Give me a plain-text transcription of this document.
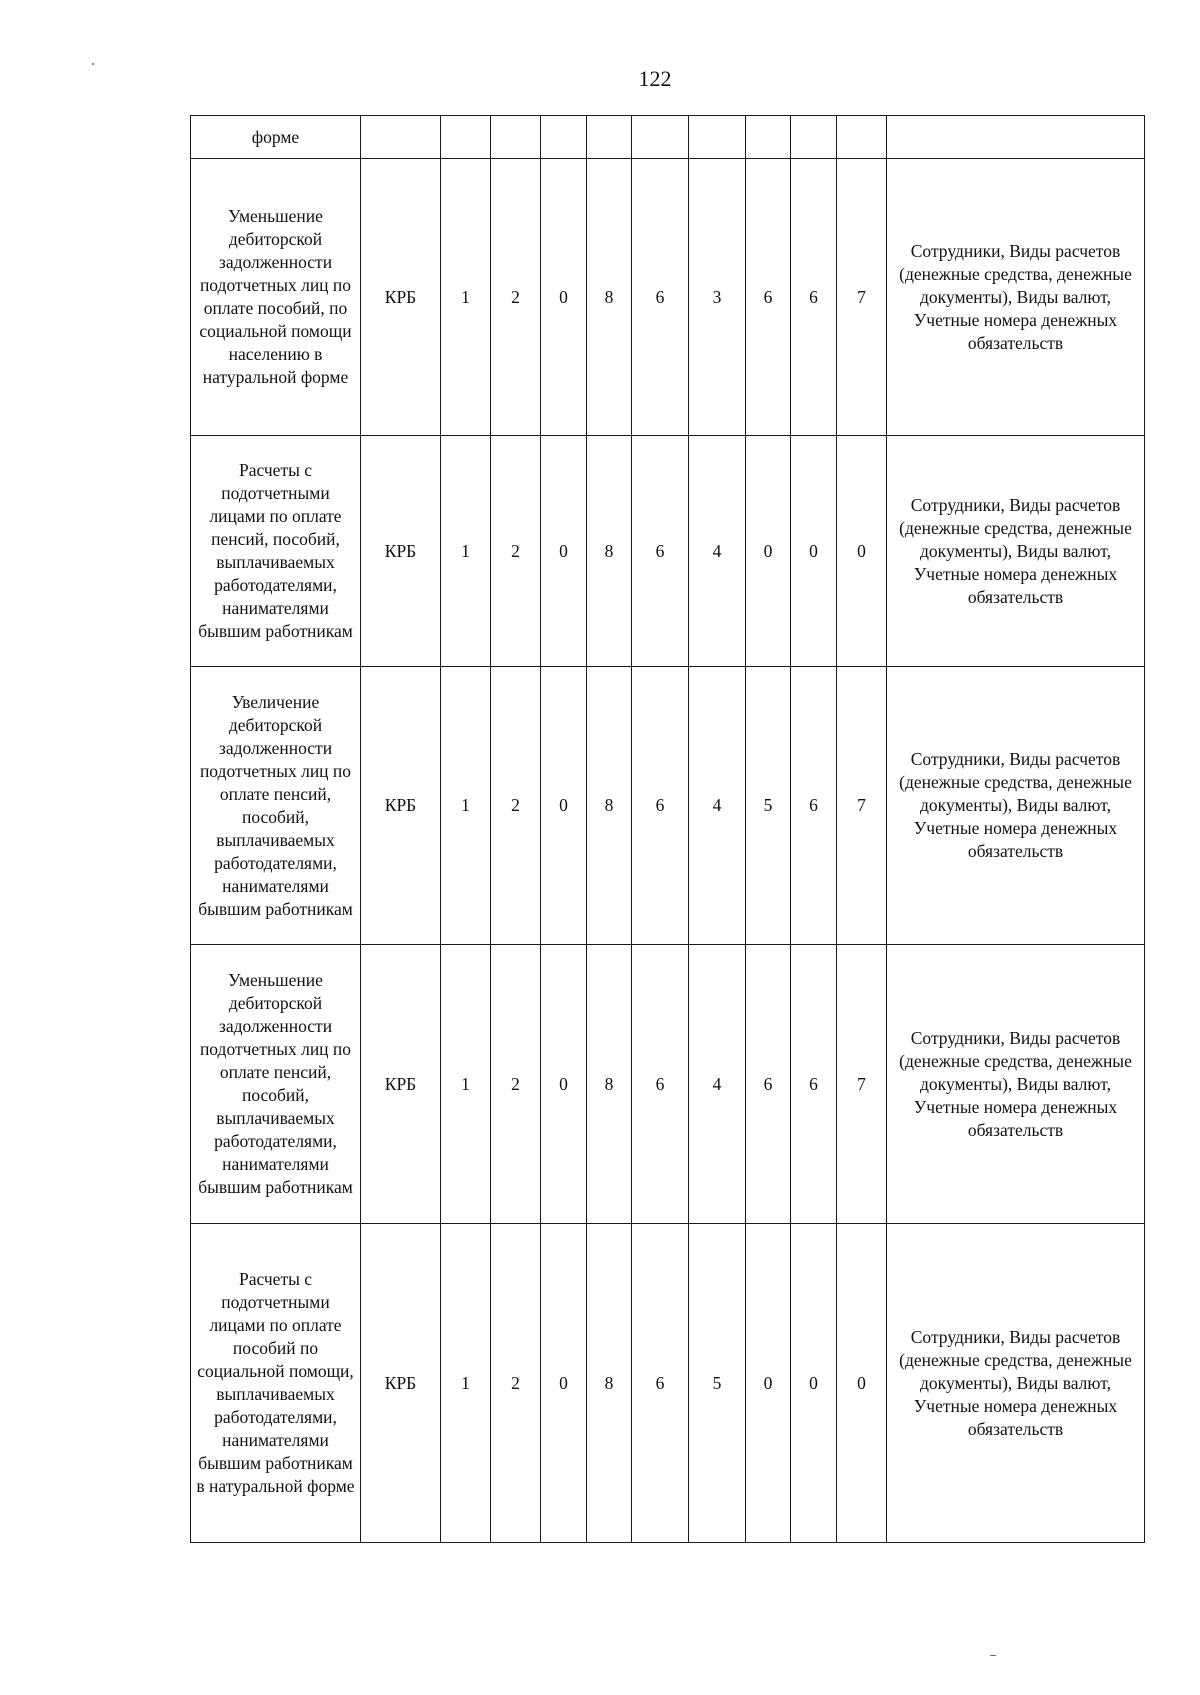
122
форме											
Уменьшение дебиторской задолженности подотчетных лиц по оплате пособий, по социальной помощи населению в натуральной форме	КРБ	1	2	0	8	6	3	6	6	7	Сотрудники, Виды расчетов (денежные средства, денежные документы), Виды валют, Учетные номера денежных обязательств
Расчеты с подотчетными лицами по оплате пенсий, пособий, выплачиваемых работодателями, нанимателями бывшим работникам	КРБ	1	2	0	8	6	4	0	0	0	Сотрудники, Виды расчетов (денежные средства, денежные документы), Виды валют, Учетные номера денежных обязательств
Увеличение дебиторской задолженности подотчетных лиц по оплате пенсий, пособий, выплачиваемых работодателями, нанимателями бывшим работникам	КРБ	1	2	0	8	6	4	5	6	7	Сотрудники, Виды расчетов (денежные средства, денежные документы), Виды валют, Учетные номера денежных обязательств
Уменьшение дебиторской задолженности подотчетных лиц по оплате пенсий, пособий, выплачиваемых работодателями, нанимателями бывшим работникам	КРБ	1	2	0	8	6	4	6	6	7	Сотрудники, Виды расчетов (денежные средства, денежные документы), Виды валют, Учетные номера денежных обязательств
Расчеты с подотчетными лицами по оплате пособий по социальной помощи, выплачиваемых работодателями, нанимателями бывшим работникам в натуральной форме	КРБ	1	2	0	8	6	5	0	0	0	Сотрудники, Виды расчетов (денежные средства, денежные документы), Виды валют, Учетные номера денежных обязательств
